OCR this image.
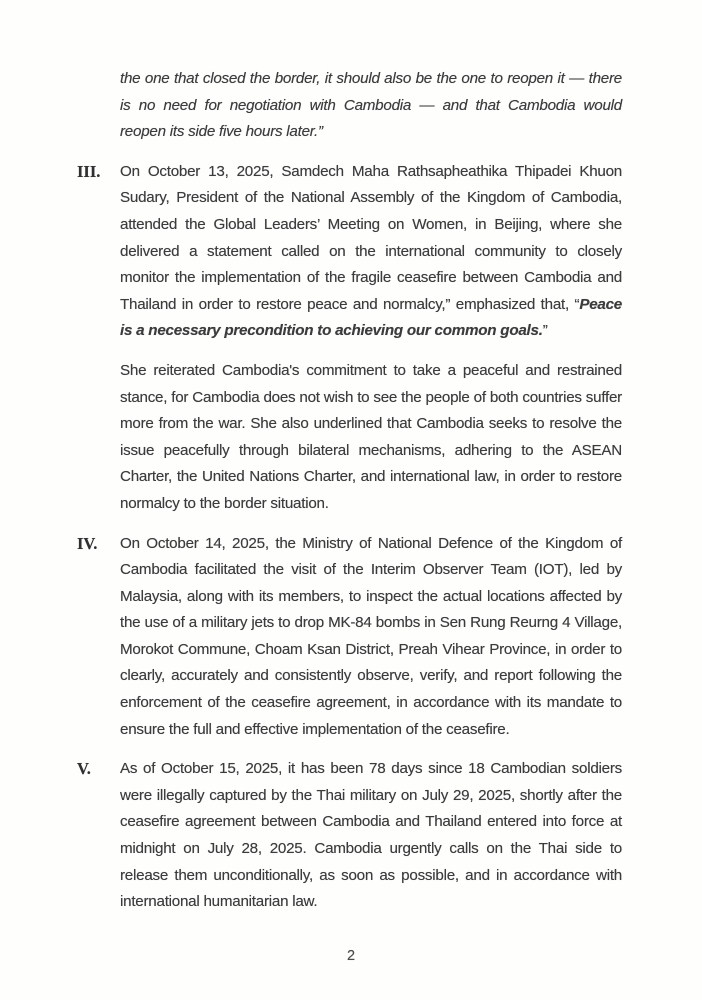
the one that closed the border, it should also be the one to reopen it — there is no need for negotiation with Cambodia — and that Cambodia would reopen its side five hours later.”

III.	On October 13, 2025, Samdech Maha Rathsapheathika Thipadei Khuon Sudary, President of the National Assembly of the Kingdom of Cambodia, attended the Global Leaders’ Meeting on Women, in Beijing, where she delivered a statement called on the international community to closely monitor the implementation of the fragile ceasefire between Cambodia and Thailand in order to restore peace and normalcy,” emphasized that, “Peace is a necessary precondition to achieving our common goals.”

She reiterated Cambodia's commitment to take a peaceful and restrained stance, for Cambodia does not wish to see the people of both countries suffer more from the war. She also underlined that Cambodia seeks to resolve the issue peacefully through bilateral mechanisms, adhering to the ASEAN Charter, the United Nations Charter, and international law, in order to restore normalcy to the border situation.

IV.	On October 14, 2025, the Ministry of National Defence of the Kingdom of Cambodia facilitated the visit of the Interim Observer Team (IOT), led by Malaysia, along with its members, to inspect the actual locations affected by the use of a military jets to drop MK-84 bombs in Sen Rung Reurng 4 Village, Morokot Commune, Choam Ksan District, Preah Vihear Province, in order to clearly, accurately and consistently observe, verify, and report following the enforcement of the ceasefire agreement, in accordance with its mandate to ensure the full and effective implementation of the ceasefire.

V.	As of October 15, 2025, it has been 78 days since 18 Cambodian soldiers were illegally captured by the Thai military on July 29, 2025, shortly after the ceasefire agreement between Cambodia and Thailand entered into force at midnight on July 28, 2025. Cambodia urgently calls on the Thai side to release them unconditionally, as soon as possible, and in accordance with international humanitarian law.

2
